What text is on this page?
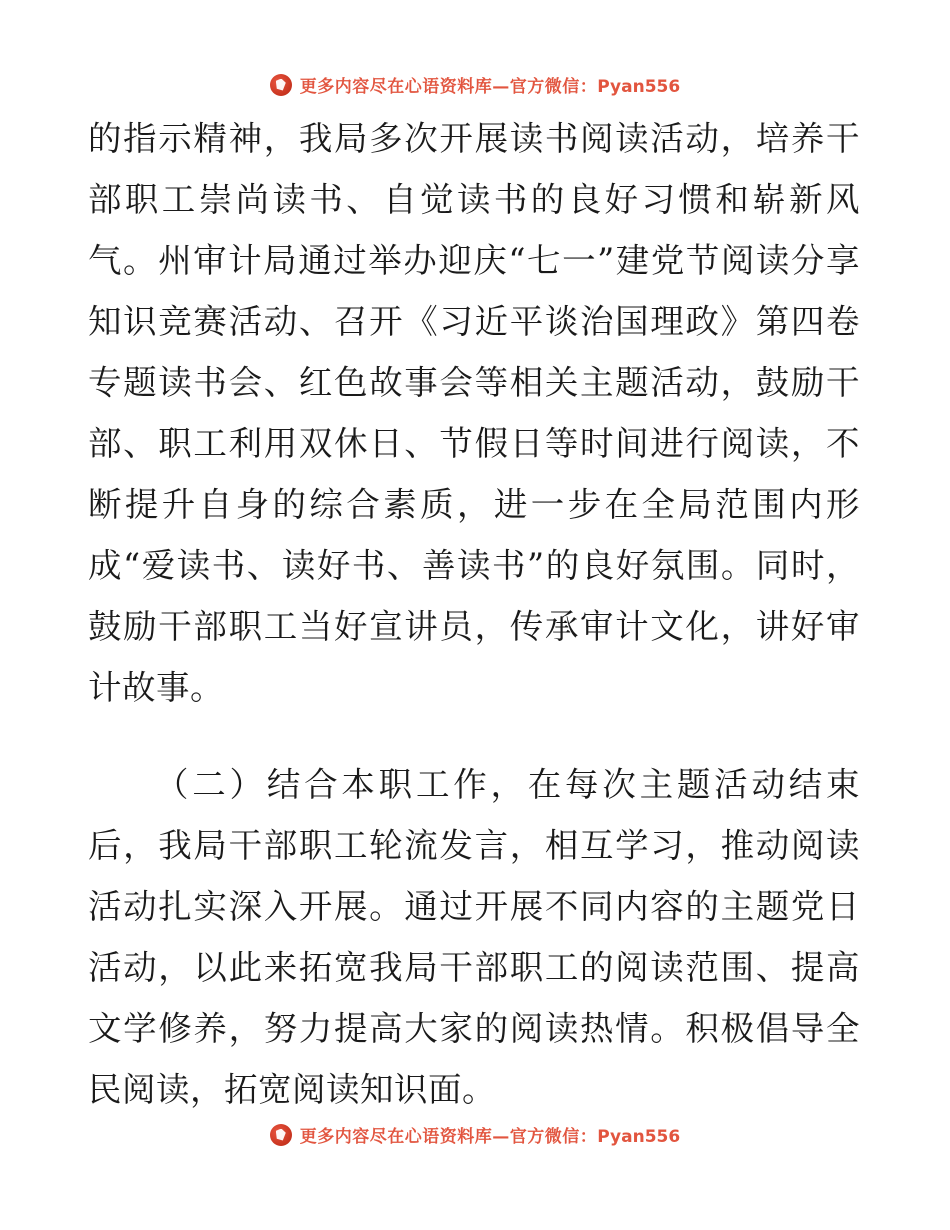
更多内容尽在心语资料库—官方微信：Pyan556

的指示精神，我局多次开展读书阅读活动，培养干部职工崇尚读书、自觉读书的良好习惯和崭新风气。州审计局通过举办迎庆“七一”建党节阅读分享知识竞赛活动、召开《习近平谈治国理政》第四卷专题读书会、红色故事会等相关主题活动，鼓励干部、职工利用双休日、节假日等时间进行阅读，不断提升自身的综合素质，进一步在全局范围内形成“爱读书、读好书、善读书”的良好氛围。同时，鼓励干部职工当好宣讲员，传承审计文化，讲好审计故事。

（二）结合本职工作，在每次主题活动结束后，我局干部职工轮流发言，相互学习，推动阅读活动扎实深入开展。通过开展不同内容的主题党日活动，以此来拓宽我局干部职工的阅读范围、提高文学修养，努力提高大家的阅读热情。积极倡导全民阅读，拓宽阅读知识面。

更多内容尽在心语资料库—官方微信：Pyan556
